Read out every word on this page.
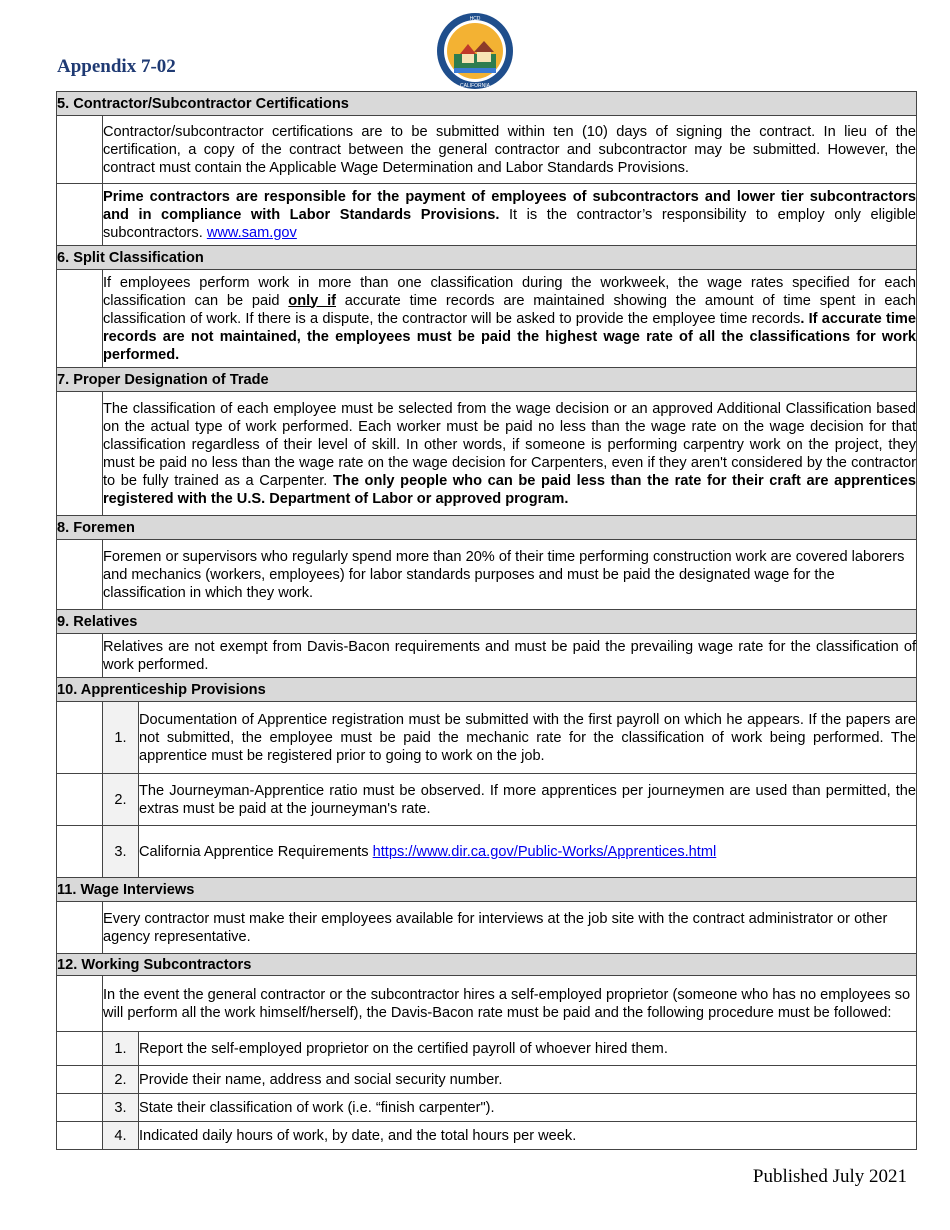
Appendix 7-02
HCD
CALIFORNIA
5. Contractor/Subcontractor Certifications		
	Contractor/subcontractor certifications are to be submitted within ten (10) days of signing the contract. In lieu of the certification, a copy of the contract between the general contractor and subcontractor may be submitted. However, the contract must contain the Applicable Wage Determination and Labor Standards Provisions.	
	Prime contractors are responsible for the payment of employees of subcontractors and lower tier subcontractors and in compliance with Labor Standards Provisions. It is the contractor’s responsibility to employ only eligible subcontractors. www.sam.gov	
6. Split Classification		
	If employees perform work in more than one classification during the workweek, the wage rates specified for each classification can be paid only if accurate time records are maintained showing the amount of time spent in each classification of work. If there is a dispute, the contractor will be asked to provide the employee time records. If accurate time records are not maintained, the employees must be paid the highest wage rate of all the classifications for work performed.	
7. Proper Designation of Trade		
	The classification of each employee must be selected from the wage decision or an approved Additional Classification based on the actual type of work performed. Each worker must be paid no less than the wage rate on the wage decision for that classification regardless of their level of skill. In other words, if someone is performing carpentry work on the project, they must be paid no less than the wage rate on the wage decision for Carpenters, even if they aren't considered by the contractor to be fully trained as a Carpenter. The only people who can be paid less than the rate for their craft are apprentices registered with the U.S. Department of Labor or approved program.	
8. Foremen		
	Foremen or supervisors who regularly spend more than 20% of their time performing construction work are covered laborers and mechanics (workers, employees) for labor standards purposes and must be paid the designated wage for the classification in which they work.	
9. Relatives		
	Relatives are not exempt from Davis-Bacon requirements and must be paid the prevailing wage rate for the classification of work performed.	
10. Apprenticeship Provisions		
	1.	Documentation of Apprentice registration must be submitted with the first payroll on which he appears. If the papers are not submitted, the employee must be paid the mechanic rate for the classification of work being performed. The apprentice must be registered prior to going to work on the job.
	2.	The Journeyman-Apprentice ratio must be observed. If more apprentices per journeymen are used than permitted, the extras must be paid at the journeyman's rate.
	3.	California Apprentice Requirements https://www.dir.ca.gov/Public-Works/Apprentices.html
11. Wage Interviews		
	Every contractor must make their employees available for interviews at the job site with the contract administrator or other agency representative.	
12. Working Subcontractors		
	In the event the general contractor or the subcontractor hires a self-employed proprietor (someone who has no employees so will perform all the work himself/herself), the Davis-Bacon rate must be paid and the following procedure must be followed:	
	1.	Report the self-employed proprietor on the certified payroll of whoever hired them.
	2.	Provide their name, address and social security number.
	3.	State their classification of work (i.e. “finish carpenter").
	4.	Indicated daily hours of work, by date, and the total hours per week.
Published July 2021
